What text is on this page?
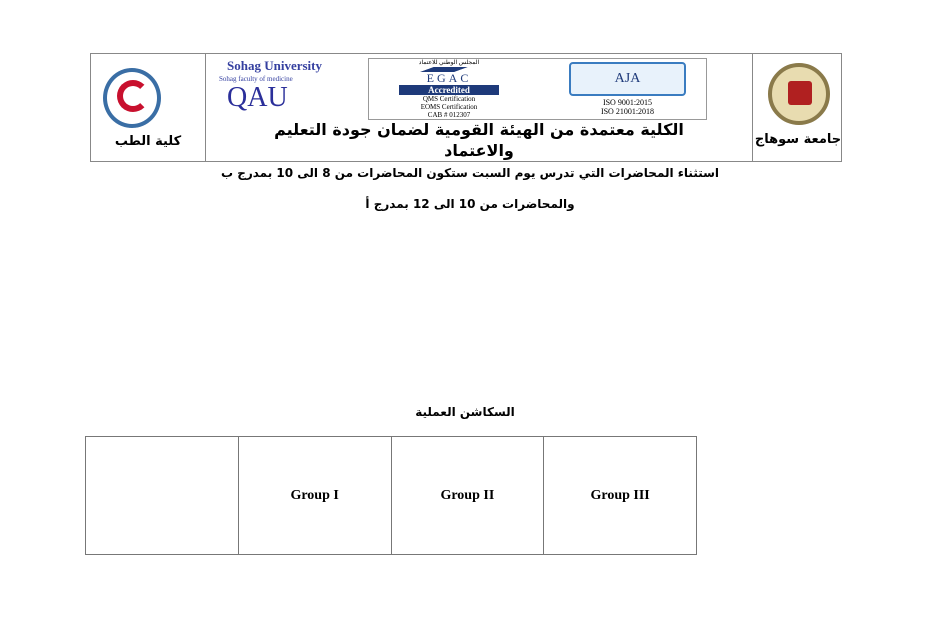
كلية الطب
Sohag University
Sohag faculty of medicine
QAU
المجلس الوطني للاعتماد
EGAC
Accredited
QMS Certification
EOMS Certification
CAB # 012307
AJA
ISO 9001:2015
ISO 21001:2018
الكلية معتمدة من الهيئة القومية لضمان جودة التعليم
والاعتماد
جامعة سوهاج
استثناء المحاضرات التي تدرس يوم السبت ستكون المحاضرات من 8 الى 10 بمدرج ب
والمحاضرات من 10 الى 12 بمدرج أ
السكاشن العملية
	Group I	Group II	Group III
